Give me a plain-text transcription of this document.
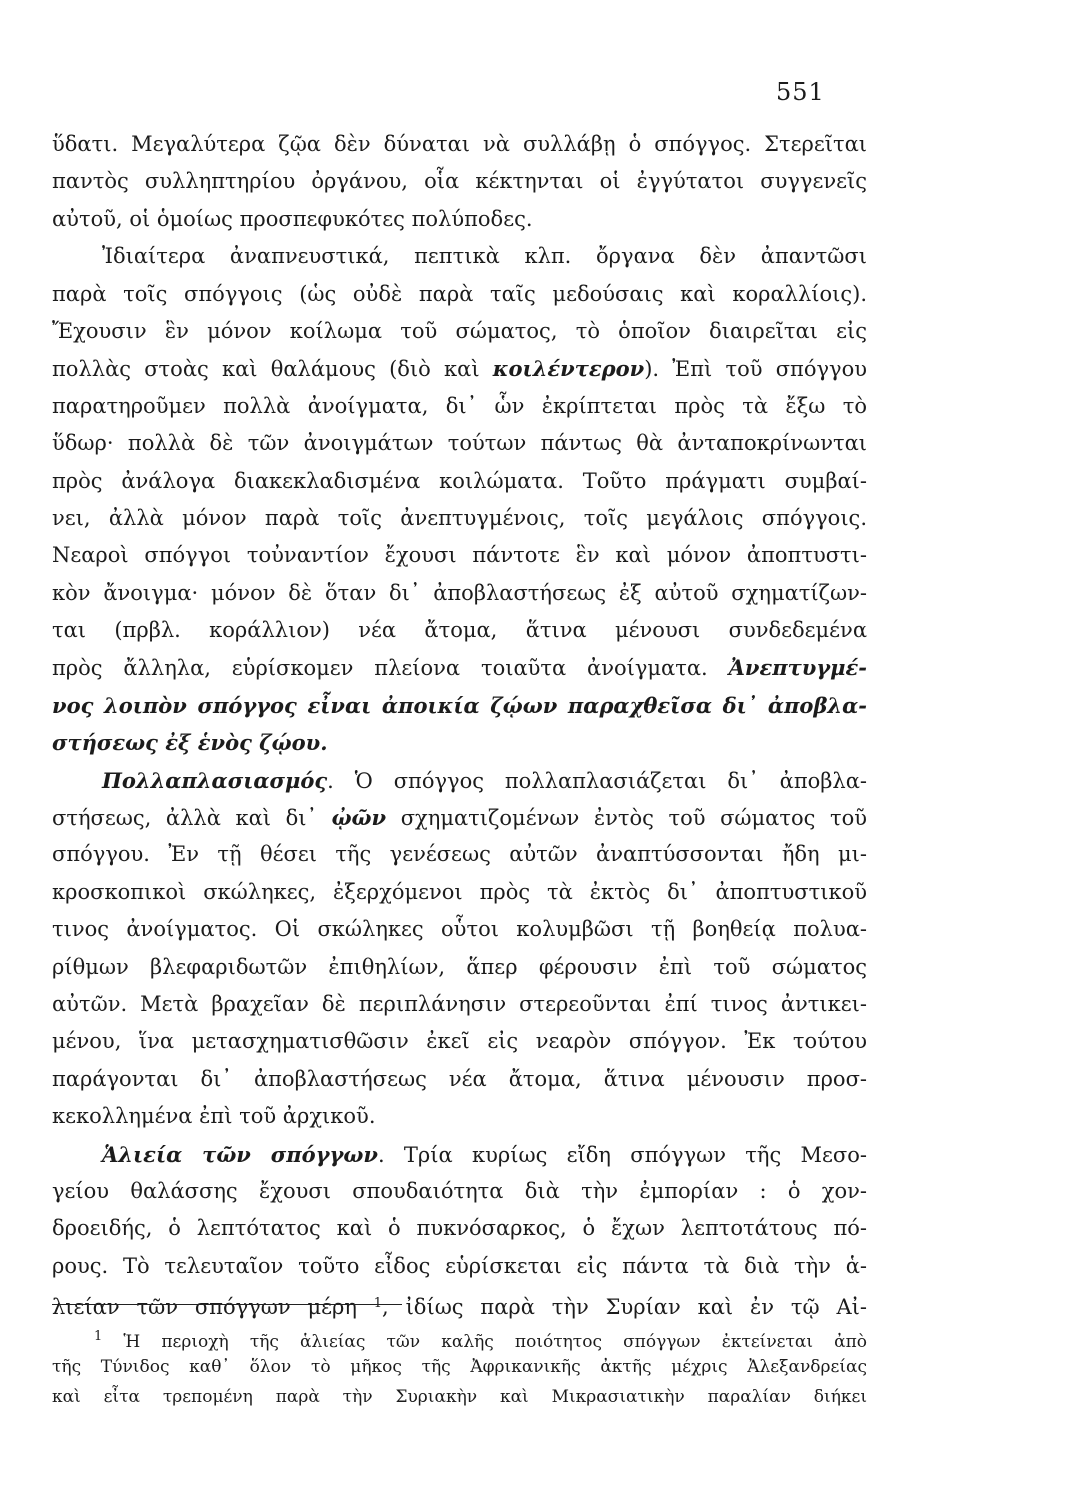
551
ὕδατι. Μεγαλύτερα ζῷα δὲν δύναται νὰ συλλάβῃ ὁ σπόγγος. Στερεῖται
παντὸς συλληπτηρίου ὀργάνου, οἷα κέκτηνται οἱ ἐγγύτατοι συγγενεῖς
αὐτοῦ, οἱ ὁμοίως προσπεφυκότες πολύποδες.
Ἰδιαίτερα ἀναπνευστικά, πεπτικὰ κλπ. ὄργανα δὲν ἀπαντῶσι
παρὰ τοῖς σπόγγοις (ὡς οὐδὲ παρὰ ταῖς μεδούσαις καὶ κοραλλίοις).
Ἔχουσιν ἓν μόνον κοίλωμα τοῦ σώματος, τὸ ὁποῖον διαιρεῖται εἰς
πολλὰς στοὰς καὶ θαλάμους (διὸ καὶ κοιλέντερον). Ἐπὶ τοῦ σπόγγου
παρατηροῦμεν πολλὰ ἀνοίγματα, δι᾽ ὧν ἐκρίπτεται πρὸς τὰ ἔξω τὸ
ὕδωρ· πολλὰ δὲ τῶν ἀνοιγμάτων τούτων πάντως θὰ ἀνταποκρίνωνται
πρὸς ἀνάλογα διακεκλαδισμένα κοιλώματα. Τοῦτο πράγματι συμβαί-
νει, ἀλλὰ μόνον παρὰ τοῖς ἀνεπτυγμένοις, τοῖς μεγάλοις σπόγγοις.
Νεαροὶ σπόγγοι τοὐναντίον ἔχουσι πάντοτε ἓν καὶ μόνον ἀποπτυστι-
κὸν ἄνοιγμα· μόνον δὲ ὅταν δι᾽ ἀποβλαστήσεως ἐξ αὐτοῦ σχηματίζων-
ται (πρβλ. κοράλλιον) νέα ἄτομα, ἅτινα μένουσι συνδεδεμένα
πρὸς ἄλληλα, εὑρίσκομεν πλείονα τοιαῦτα ἀνοίγματα. Ἀνεπτυγμέ-
νος λοιπὸν σπόγγος εἶναι ἀποικία ζῴων παραχθεῖσα δι᾽ ἀποβλα-
στήσεως ἐξ ἑνὸς ζῴου.
Πολλαπλασιασμός. Ὁ σπόγγος πολλαπλασιάζεται δι᾽ ἀποβλα-
στήσεως, ἀλλὰ καὶ δι᾽ ᾠῶν σχηματιζομένων ἐντὸς τοῦ σώματος τοῦ
σπόγγου. Ἐν τῇ θέσει τῆς γενέσεως αὐτῶν ἀναπτύσσονται ἤδη μι-
κροσκοπικοὶ σκώληκες, ἐξερχόμενοι πρὸς τὰ ἐκτὸς δι᾽ ἀποπτυστικοῦ
τινος ἀνοίγματος. Οἱ σκώληκες οὗτοι κολυμβῶσι τῇ βοηθείᾳ πολυα-
ρίθμων βλεφαριδωτῶν ἐπιθηλίων, ἅπερ φέρουσιν ἐπὶ τοῦ σώματος
αὐτῶν. Μετὰ βραχεῖαν δὲ περιπλάνησιν στερεοῦνται ἐπί τινος ἀντικει-
μένου, ἵνα μετασχηματισθῶσιν ἐκεῖ εἰς νεαρὸν σπόγγον. Ἐκ τούτου
παράγονται δι᾽ ἀποβλαστήσεως νέα ἄτομα, ἅτινα μένουσιν προσ-
κεκολλημένα ἐπὶ τοῦ ἀρχικοῦ.
Ἁλιεία τῶν σπόγγων. Τρία κυρίως εἴδη σπόγγων τῆς Μεσο-
γείου θαλάσσης ἔχουσι σπουδαιότητα διὰ τὴν ἐμπορίαν : ὁ χον-
δροειδής, ὁ λεπτότατος καὶ ὁ πυκνόσαρκος, ὁ ἔχων λεπτοτάτους πό-
ρους. Τὸ τελευταῖον τοῦτο εἶδος εὑρίσκεται εἰς πάντα τὰ διὰ τὴν ἁ-
λιείαν τῶν σπόγγων μέρη $^1$, ἰδίως παρὰ τὴν Συρίαν καὶ ἐν τῷ Αἰ-
$^1$ Ἡ περιοχὴ τῆς ἁλιείας τῶν καλῆς ποιότητος σπόγγων ἐκτείνεται ἀπὸ
τῆς Τύνιδος καθ᾽ ὅλον τὸ μῆκος τῆς Ἀφρικανικῆς ἀκτῆς μέχρις Ἀλεξανδρείας
καὶ εἶτα τρεπομένη παρὰ τὴν Συριακὴν καὶ Μικρασιατικὴν παραλίαν διήκει
